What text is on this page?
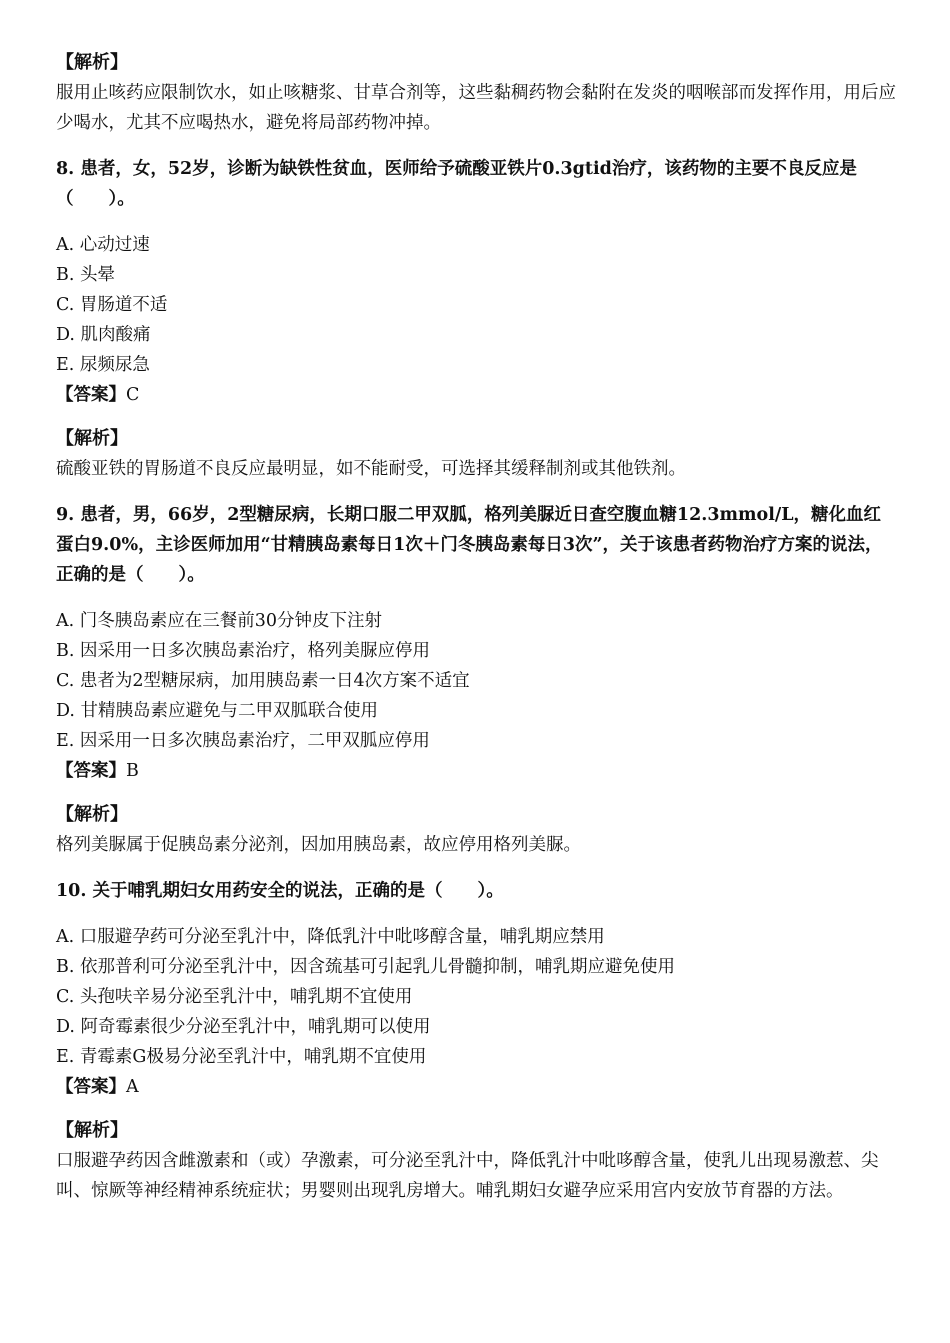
【解析】
服用止咳药应限制饮水，如止咳糖浆、甘草合剂等，这些黏稠药物会黏附在发炎的咽喉部而发挥作用，用后应少喝水，尤其不应喝热水，避免将局部药物冲掉。
8. 患者，女，52岁，诊断为缺铁性贫血，医师给予硫酸亚铁片0.3gtid治疗，该药物的主要不良反应是（　　）。
A. 心动过速
B. 头晕
C. 胃肠道不适
D. 肌肉酸痛
E. 尿频尿急
【答案】C
【解析】
硫酸亚铁的胃肠道不良反应最明显，如不能耐受，可选择其缓释制剂或其他铁剂。
9. 患者，男，66岁，2型糖尿病，长期口服二甲双胍，格列美脲近日查空腹血糖12.3mmol/L，糖化血红蛋白9.0%，主诊医师加用“甘精胰岛素每日1次＋门冬胰岛素每日3次”，关于该患者药物治疗方案的说法，正确的是（　　）。
A. 门冬胰岛素应在三餐前30分钟皮下注射
B. 因采用一日多次胰岛素治疗，格列美脲应停用
C. 患者为2型糖尿病，加用胰岛素一日4次方案不适宜
D. 甘精胰岛素应避免与二甲双胍联合使用
E. 因采用一日多次胰岛素治疗，二甲双胍应停用
【答案】B
【解析】
格列美脲属于促胰岛素分泌剂，因加用胰岛素，故应停用格列美脲。
10. 关于哺乳期妇女用药安全的说法，正确的是（　　）。
A. 口服避孕药可分泌至乳汁中，降低乳汁中吡哆醇含量，哺乳期应禁用
B. 依那普利可分泌至乳汁中，因含巯基可引起乳儿骨髓抑制，哺乳期应避免使用
C. 头孢呋辛易分泌至乳汁中，哺乳期不宜使用
D. 阿奇霉素很少分泌至乳汁中，哺乳期可以使用
E. 青霉素G极易分泌至乳汁中，哺乳期不宜使用
【答案】A
【解析】
口服避孕药因含雌激素和（或）孕激素，可分泌至乳汁中，降低乳汁中吡哆醇含量，使乳儿出现易激惹、尖叫、惊厥等神经精神系统症状；男婴则出现乳房增大。哺乳期妇女避孕应采用宫内安放节育器的方法。
